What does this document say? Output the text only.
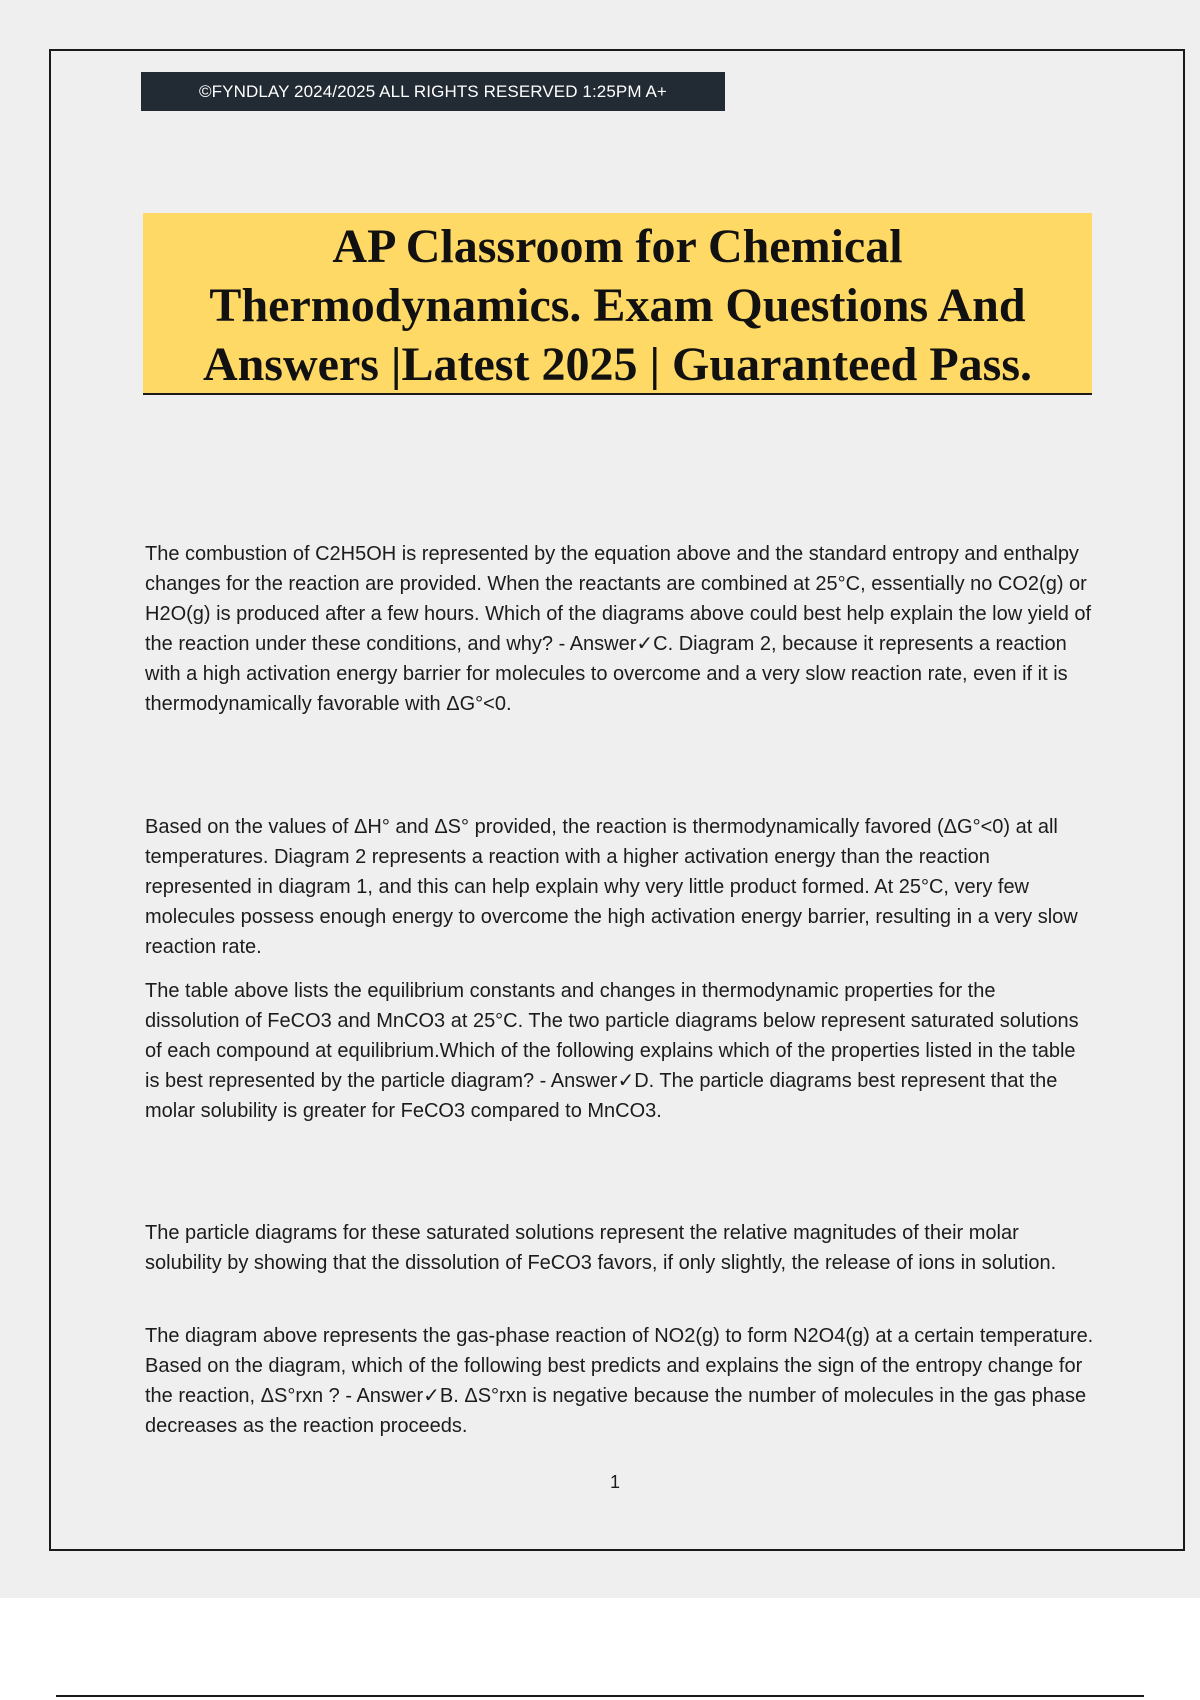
©FYNDLAY 2024/2025 ALL RIGHTS RESERVED 1:25PM A+
AP Classroom for Chemical
Thermodynamics. Exam Questions And
Answers |Latest 2025 | Guaranteed Pass.

The combustion of C2H5OH is represented by the equation above and the standard entropy and enthalpy changes for the reaction are provided. When the reactants are combined at 25°C, essentially no CO2(g) or H2O(g) is produced after a few hours. Which of the diagrams above could best help explain the low yield of the reaction under these conditions, and why? - Answer✓C. Diagram 2, because it represents a reaction with a high activation energy barrier for molecules to overcome and a very slow reaction rate, even if it is thermodynamically favorable with ΔG°<0.

Based on the values of ΔH° and ΔS° provided, the reaction is thermodynamically favored (ΔG°<0) at all temperatures. Diagram 2 represents a reaction with a higher activation energy than the reaction represented in diagram 1, and this can help explain why very little product formed. At 25°C, very few molecules possess enough energy to overcome the high activation energy barrier, resulting in a very slow reaction rate.

The table above lists the equilibrium constants and changes in thermodynamic properties for the dissolution of FeCO3 and MnCO3 at 25°C. The two particle diagrams below represent saturated solutions of each compound at equilibrium.Which of the following explains which of the properties listed in the table is best represented by the particle diagram? - Answer✓D. The particle diagrams best represent that the molar solubility is greater for FeCO3 compared to MnCO3.

The particle diagrams for these saturated solutions represent the relative magnitudes of their molar solubility by showing that the dissolution of FeCO3 favors, if only slightly, the release of ions in solution.

The diagram above represents the gas-phase reaction of NO2(g) to form N2O4(g) at a certain temperature. Based on the diagram, which of the following best predicts and explains the sign of the entropy change for the reaction, ΔS°rxn ? - Answer✓B. ΔS°rxn is negative because the number of molecules in the gas phase decreases as the reaction proceeds.

1
